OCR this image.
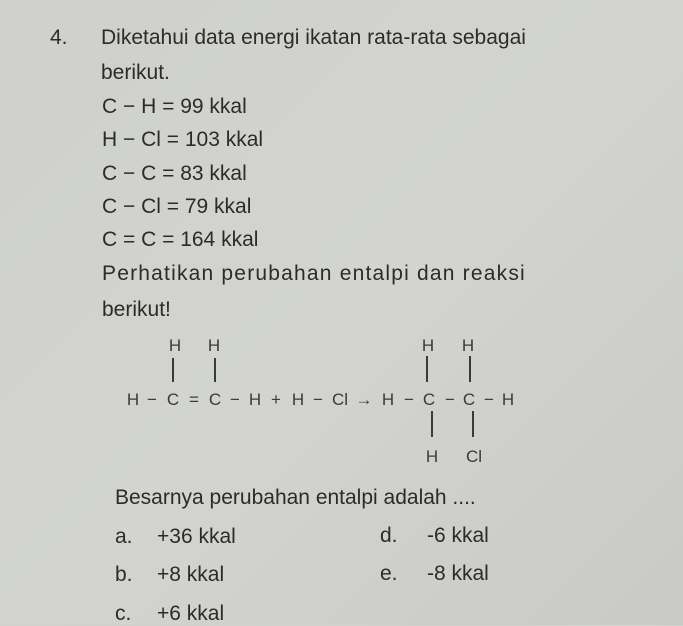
4. Diketahui data energi ikatan rata-rata sebagai
berikut.
C − H = 99 kkal
H − Cl = 103 kkal
C − C = 83 kkal
C − Cl = 79 kkal
C = C = 164 kkal
Perhatikan perubahan entalpi dan reaksi
berikut!
H − C = C − H + H − Cl → H − C − C − H
H H	H H
H Cl
Besarnya perubahan entalpi adalah ....
a. +36 kkal
b. +8 kkal
c. +6 kkal
d. -6 kkal
e. -8 kkal
